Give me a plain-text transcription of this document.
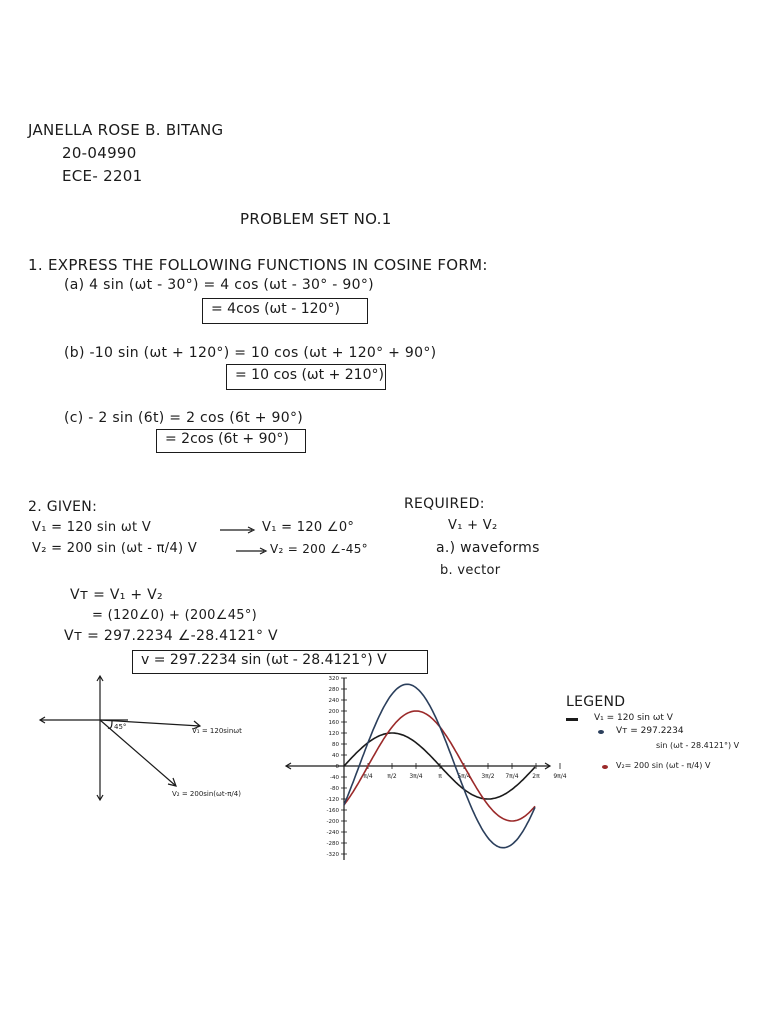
JANELLA ROSE B. BITANG
20-04990
ECE- 2201
PROBLEM SET NO.1
1. EXPRESS THE FOLLOWING FUNCTIONS IN COSINE FORM:
(a) 4 sin (ωt - 30°) = 4 cos (ωt - 30° - 90°)
= 4cos (ωt - 120°)
(b) -10 sin (ωt + 120°) = 10 cos (ωt + 120° + 90°)
= 10 cos (ωt + 210°)
(c) - 2 sin (6t) = 2 cos (6t + 90°)
= 2cos (6t + 90°)
2. GIVEN:
V₁ = 120 sin ωt V	V₁ = 120 ∠0°
V₂ = 200 sin (ωt - π/4) V	V₂ = 200 ∠-45°
REQUIRED:
V₁ + V₂
a.) waveforms
b. vector
Vᴛ = V₁ + V₂
= (120∠0) + (200∠45°)
Vᴛ = 297.2234 ∠-28.4121° V
v = 297.2234 sin (ωt - 28.4121°) V
45°	V₁ = 120sinωt
V₂ = 200sin(ωt-π/4)
320
280
240
200
160
120
80
40
0
-40
-80
-120
-160
-200
-240
-280
-320
π/4 π/2 3π/4	π	5π/4 3π/2 7π/4 2π 9π/4
LEGEND
V₁ = 120 sin ωt V
Vᴛ = 297.2234
sin (ωt - 28.4121°) V
V₂= 200 sin (ωt - π/4) V
